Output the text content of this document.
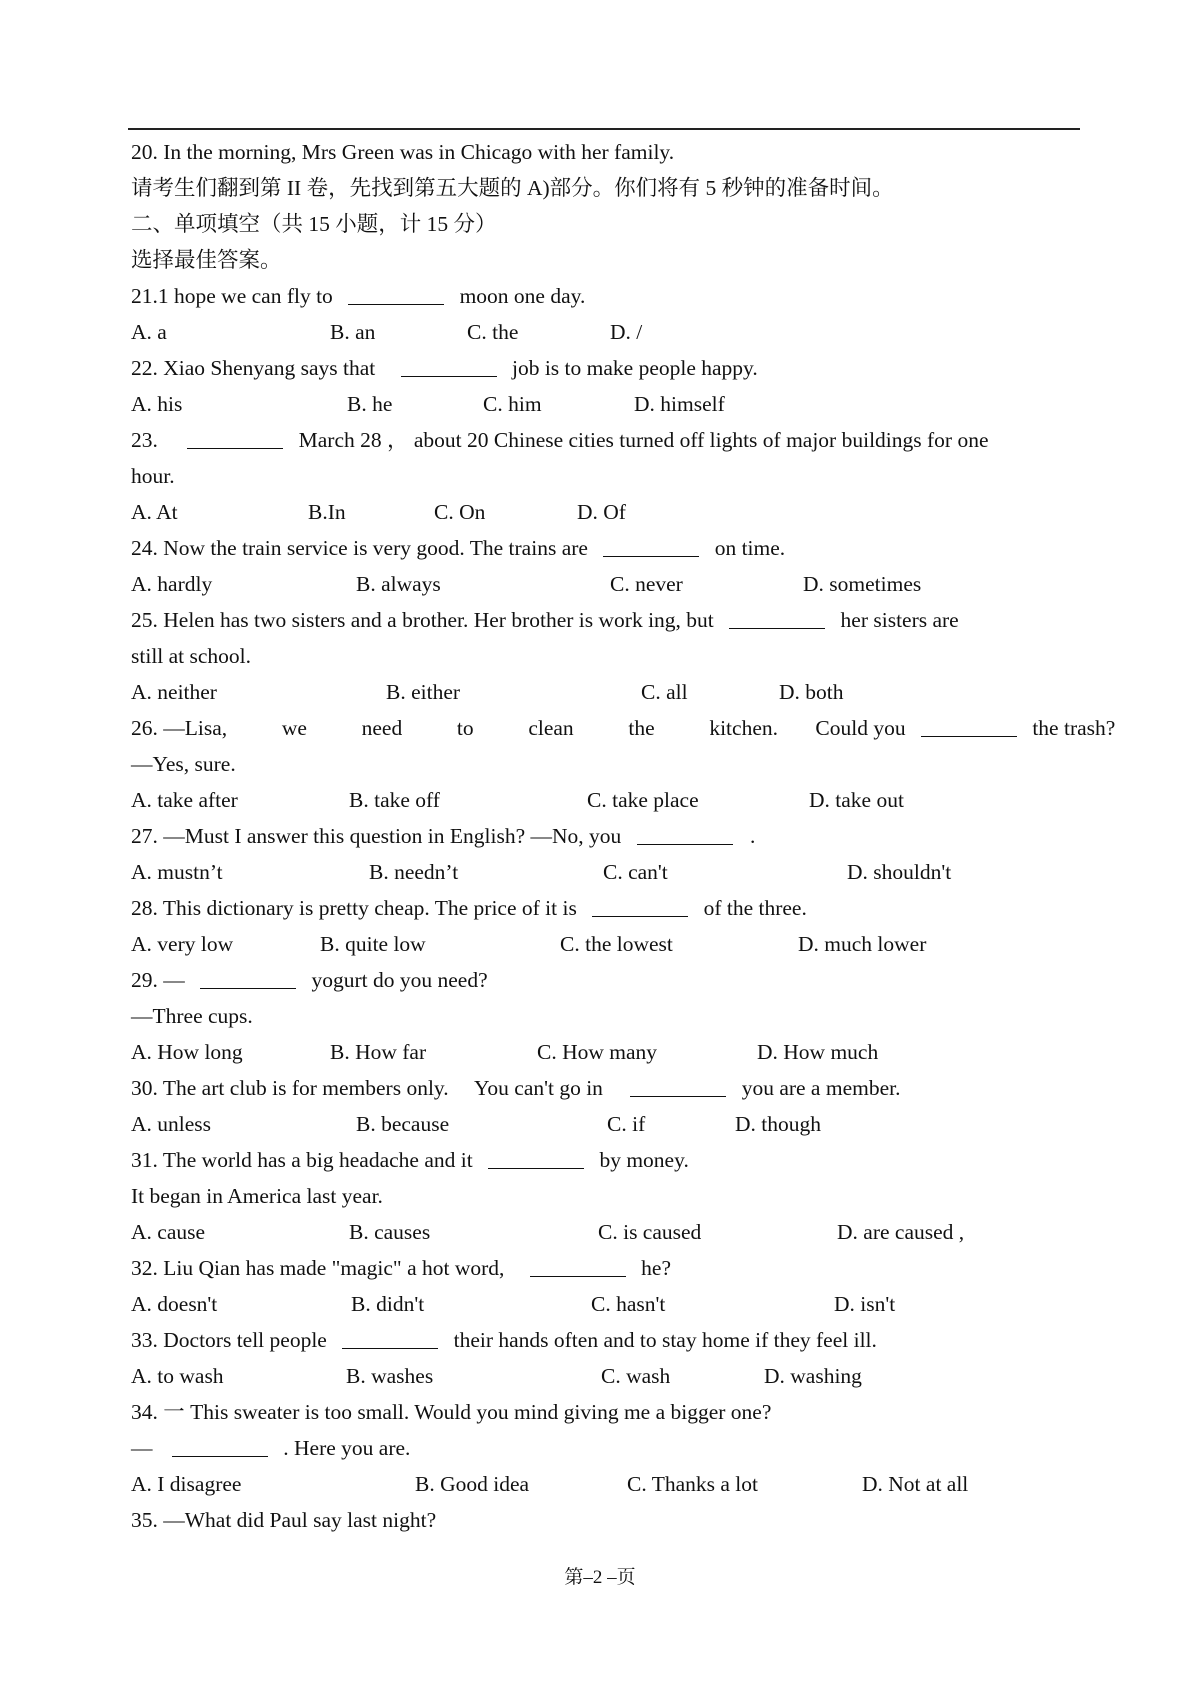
20. In the morning, Mrs Green was in Chicago with her family.
请考生们翻到第 II 卷，先找到第五大题的 A)部分。你们将有 5 秒钟的准备时间。
二、单项填空（共 15 小题，计 15 分）
选择最佳答案。
21.1 hope we can fly to	moon one day.
A. a	B. an	C. the	D. /
22. Xiao Shenyang says that	job is to make people happy.
A. his	B. he	C. him	D. himself
23.	March 28 ， about 20 Chinese cities turned off lights of major buildings for one
hour.
A. At	B.In	C. On	D. Of
24. Now the train service is very good. The trains are	on time.
A. hardly	B. always	C. never	D. sometimes
25. Helen has two sisters and a brother. Her brother is work ing, but	her sisters are
still at school.
A. neither	B. either	C. all	D. both
26. —Lisa,	we	need	to	clean	the	kitchen. Could you	the trash?
—Yes, sure.
A. take after	B. take off	C. take place	D. take out
27. —Must I answer this question in English? —No, you	.
A. mustn’t	B. needn’t	C. can't	D. shouldn't
28. This dictionary is pretty cheap. The price of it is	of the three.
A. very low	B. quite low	C. the lowest	D. much lower
29. —	yogurt do you need?
—Three cups.
A. How long	B. How far	C. How many	D. How much
30. The art club is for members only. You can't go in	you are a member.
A. unless	B. because	C. if	D. though
31. The world has a big headache and it	by money.
It began in America last year.
A. cause	B. causes	C. is caused	D. are caused ,
32. Liu Qian has made "magic" a hot word,	he?
A. doesn't	B. didn't	C. hasn't	D. isn't
33. Doctors tell people	their hands often and to stay home if they feel ill.
A. to wash	B. washes	C. wash	D. washing
34. 一 This sweater is too small. Would you mind giving me a bigger one?
—	. Here you are.
A. I disagree	B. Good idea	C. Thanks a lot	D. Not at all
35. —What did Paul say last night?
第–2 –页
